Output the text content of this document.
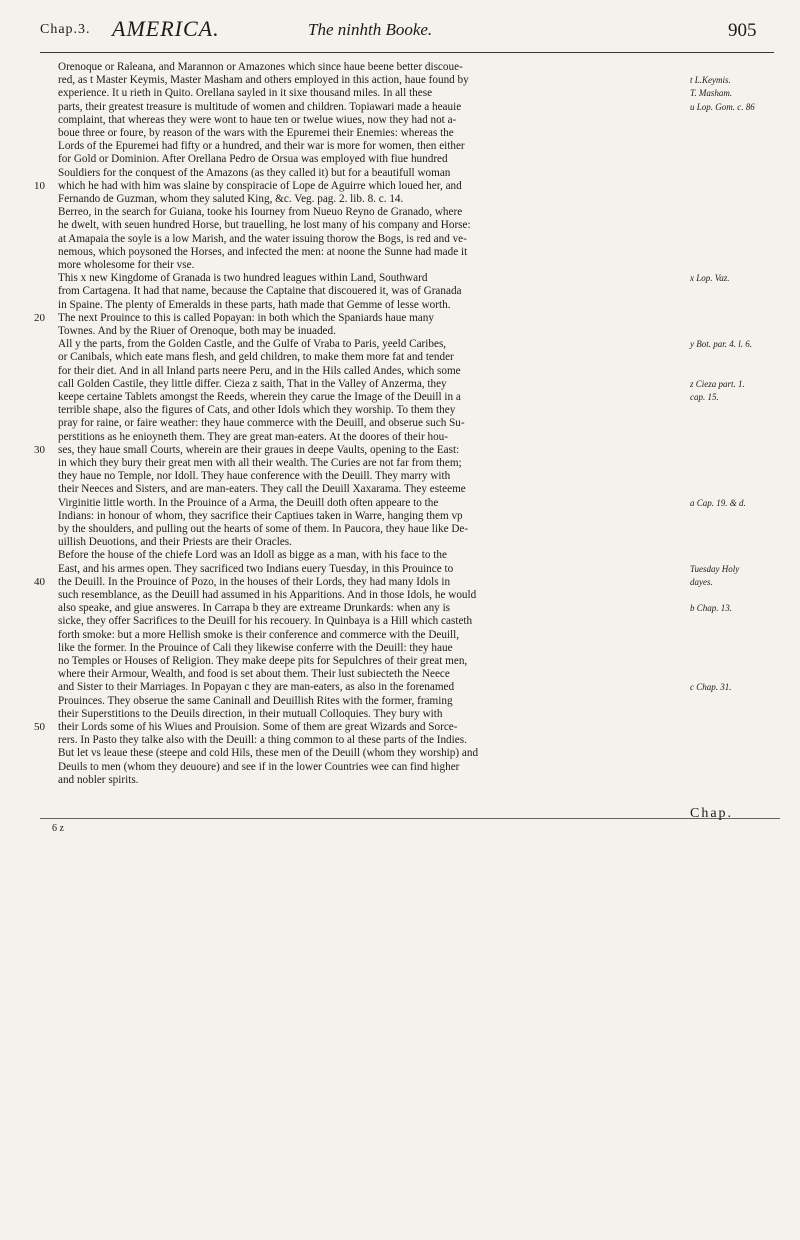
Chap.3. AMERICA.	The ninhth Booke.	905
Orenoque or Raleana, and Marannon or Amazones which since haue beene better discoue-
red, as t Master Keymis, Master Masham and others employed in this action, haue found by
experience. It u rieth in Quito. Orellana sayled in it sixe thousand miles. In all these
parts, their greatest treasure is multitude of women and children. Topiawari made a heauie
complaint, that whereas they were wont to haue ten or twelue wiues, now they had not a-
boue three or foure, by reason of the wars with the Epuremei their Enemies: whereas the
Lords of the Epuremei had fifty or a hundred, and their war is more for women, then either
for Gold or Dominion. After Orellana Pedro de Orsua was employed with fiue hundred
Souldiers for the conquest of the Amazons (as they called it) but for a beautifull woman
which he had with him was slaine by conspiracie of Lope de Aguirre which loued her, and
Fernando de Guzman, whom they saluted King, &c. Veg. pag. 2. lib. 8. c. 14.
Berreo, in the search for Guiana, tooke his Iourney from Nueuo Reyno de Granado, where
he dwelt, with seuen hundred Horse, but trauelling, he lost many of his company and Horse:
at Amapaia the soyle is a low Marish, and the water issuing thorow the Bogs, is red and ve-
nemous, which poysoned the Horses, and infected the men: at noone the Sunne had made it
more wholesome for their vse.
This x new Kingdome of Granada is two hundred leagues within Land, Southward
from Cartagena. It had that name, because the Captaine that discouered it, was of Granada
in Spaine. The plenty of Emeralds in these parts, hath made that Gemme of lesse worth.
The next Prouince to this is called Popayan: in both which the Spaniards haue many
Townes. And by the Riuer of Orenoque, both may be inuaded.
All y the parts, from the Golden Castle, and the Gulfe of Vraba to Paris, yeeld Caribes,
or Canibals, which eate mans flesh, and geld children, to make them more fat and tender
for their diet. And in all Inland parts neere Peru, and in the Hils called Andes, which some
call Golden Castile, they little differ. Cieza z saith, That in the Valley of Anzerma, they
keepe certaine Tablets amongst the Reeds, wherein they carue the Image of the Deuill in a
terrible shape, also the figures of Cats, and other Idols which they worship. To them they
pray for raine, or faire weather: they haue commerce with the Deuill, and obserue such Su-
perstitions as he enioyneth them. They are great man-eaters. At the doores of their hou-
ses, they haue small Courts, wherein are their graues in deepe Vaults, opening to the East:
in which they bury their great men with all their wealth. The Curies are not far from them;
they haue no Temple, nor Idoll. They haue conference with the Deuill. They marry with
their Neeces and Sisters, and are man-eaters. They call the Deuill Xaxarama. They esteeme
Virginitie little worth. In the Prouince of a Arma, the Deuill doth often appeare to the
Indians: in honour of whom, they sacrifice their Captiues taken in Warre, hanging them vp
by the shoulders, and pulling out the hearts of some of them. In Paucora, they haue like De-
uillish Deuotions, and their Priests are their Oracles.
Before the house of the chiefe Lord was an Idoll as bigge as a man, with his face to the
East, and his armes open. They sacrificed two Indians euery Tuesday, in this Prouince to
the Deuill. In the Prouince of Pozo, in the houses of their Lords, they had many Idols in
such resemblance, as the Deuill had assumed in his Apparitions. And in those Idols, he would
also speake, and giue answeres. In Carrapa b they are extreame Drunkards: when any is
sicke, they offer Sacrifices to the Deuill for his recouery. In Quinbaya is a Hill which casteth
forth smoke: but a more Hellish smoke is their conference and commerce with the Deuill,
like the former. In the Prouince of Cali they likewise conferre with the Deuill: they haue
no Temples or Houses of Religion. They make deepe pits for Sepulchres of their great men,
where their Armour, Wealth, and food is set about them. Their lust subiecteth the Neece
and Sister to their Marriages. In Popayan c they are man-eaters, as also in the forenamed
Prouinces. They obserue the same Caninall and Deuillish Rites with the former, framing
their Superstitions to the Deuils direction, in their mutuall Colloquies. They bury with
their Lords some of his Wiues and Prouision. Some of them are great Wizards and Sorce-
rers. In Pasto they talke also with the Deuill: a thing common to al these parts of the Indies.
But let vs leaue these (steepe and cold Hils, these men of the Deuill (whom they worship) and
Deuils to men (whom they deuoure) and see if in the lower Countries wee can find higher
and nobler spirits.
10
20
30
40
50
t L.Keymis.
T. Masham.
u Lop. Gom. c. 86
x Lop. Vaz.
y Bot. par. 4. l. 6.
z Cieza part. 1.
cap. 15.
a Cap. 19. & d.
Tuesday Holy
dayes.
b Chap. 13.
c Chap. 31.
6 z
Chap.
